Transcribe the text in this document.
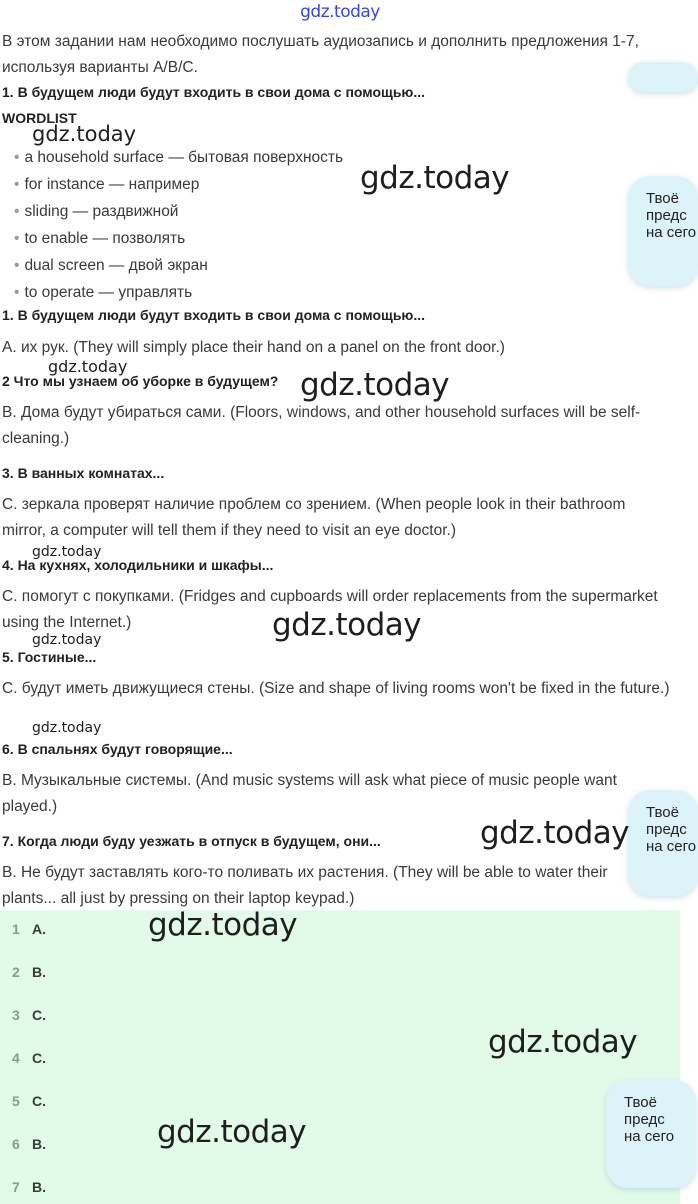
gdz.today
В этом задании нам необходимо послушать аудиозапись и дополнить предложения 1-7, используя варианты A/B/C.
1. В будущем люди будут входить в свои дома с помощью...
WORDLIST
• a household surface — бытовая поверхность
• for instance — например
• sliding — раздвижной
• to enable — позволять
• dual screen — двой экран
• to operate — управлять
Твоё
предс
на сего
1. В будущем люди будут входить в свои дома с помощью...
A. их рук. (They will simply place their hand on a panel on the front door.)
2 Что мы узнаем об уборке в будущем?
B. Дома будут убираться сами. (Floors, windows, and other household surfaces will be self-cleaning.)
3. В ванных комнатах...
C. зеркала проверят наличие проблем со зрением. (When people look in their bathroom mirror, a computer will tell them if they need to visit an eye doctor.)
4. На кухнях, холодильники и шкафы...
C. помогут с покупками. (Fridges and cupboards will order replacements from the supermarket using the Internet.)
5. Гостиные...
C. будут иметь движущиеся стены. (Size and shape of living rooms won't be fixed in the future.)
6. В спальнях будут говорящие...
B. Музыкальные системы. (And music systems will ask what piece of music people want played.)
7. Когда люди буду уезжать в отпуск в будущем, они...
B. Не будут заставлять кого-то поливать их растения. (They will be able to water their plants... all just by pressing on their laptop keypad.)
Твоё
предс
на сего
1 A.
2 B.
3 C.
4 C.
5 C.
6 B.
7 B.
Твоё
предс
на сего
gdz.today
gdz.today
gdz.today
gdz.today
gdz.today
gdz.today
gdz.today
gdz.today
gdz.today
gdz.today
gdz.today
gdz.today
